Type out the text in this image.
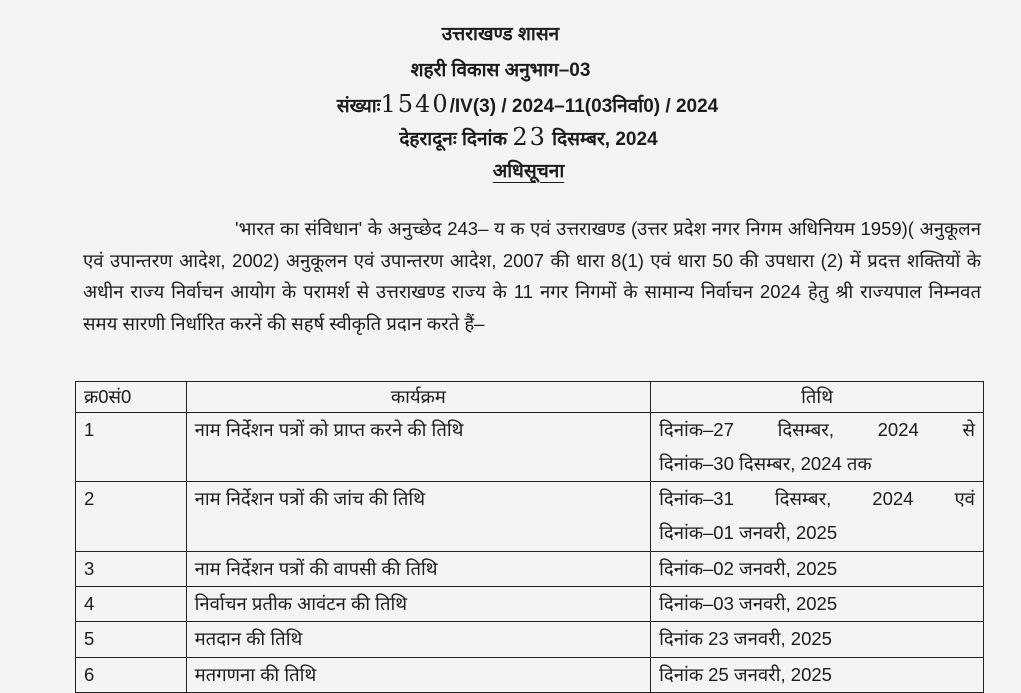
उत्तराखण्ड शासन
शहरी विकास अनुभाग–03
संख्याः1540/IV(3) / 2024–11(03निर्वा0) / 2024
देहरादूनः दिनांक 23 दिसम्बर, 2024
अधिसूचना
'भारत का संविधान' के अनुच्छेद 243– य क एवं उत्तराखण्ड (उत्तर प्रदेश नगर निगम अधिनियम 1959)( अनुकूलन एवं उपान्तरण आदेश, 2002) अनुकूलन एवं उपान्तरण आदेश, 2007 की धारा 8(1) एवं धारा 50 की उपधारा (2) में प्रदत्त शक्तियों के अधीन राज्य निर्वाचन आयोग के परामर्श से उत्तराखण्ड राज्य के 11 नगर निगमों के सामान्य निर्वाचन 2024 हेतु श्री राज्यपाल निम्नवत समय सारणी निर्धारित करनें की सहर्ष स्वीकृति प्रदान करते हैं–
क्र0सं0	कार्यक्रम	तिथि
1	नाम निर्देशन पत्रों को प्राप्त करने की तिथि	दिनांक–27 दिसम्बर, 2024 से
दिनांक–30 दिसम्बर, 2024 तक

2	नाम निर्देशन पत्रों की जांच की तिथि	दिनांक–31 दिसम्बर, 2024 एवं
दिनांक–01 जनवरी, 2025

3	नाम निर्देशन पत्रों की वापसी की तिथि	दिनांक–02 जनवरी, 2025
4	निर्वाचन प्रतीक आवंटन की तिथि	दिनांक–03 जनवरी, 2025
5	मतदान की तिथि	दिनांक 23 जनवरी, 2025
6	मतगणना की तिथि	दिनांक 25 जनवरी, 2025
